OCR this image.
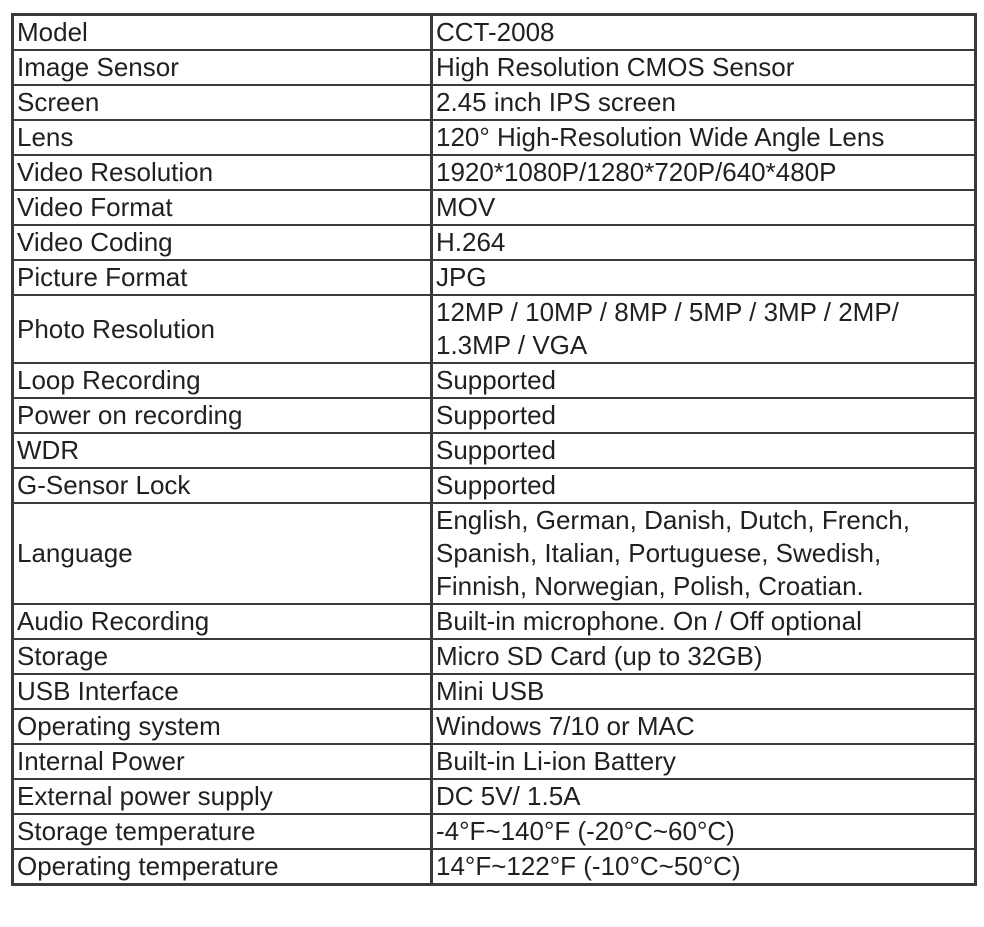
Model	CCT-2008
Image Sensor	High Resolution CMOS Sensor
Screen	2.45 inch IPS screen
Lens	120° High-Resolution Wide Angle Lens
Video Resolution	1920*1080P/1280*720P/640*480P
Video Format	MOV
Video Coding	H.264
Picture Format	JPG
Photo Resolution	12MP / 10MP / 8MP / 5MP / 3MP / 2MP/
1.3MP / VGA
Loop Recording	Supported
Power on recording	Supported
WDR	Supported
G-Sensor Lock	Supported
Language	English, German, Danish, Dutch, French,
Spanish, Italian, Portuguese, Swedish,
Finnish, Norwegian, Polish, Croatian.
Audio Recording	Built-in microphone. On / Off optional
Storage	Micro SD Card (up to 32GB)
USB Interface	Mini USB
Operating system	Windows 7/10 or MAC
Internal Power	Built-in Li-ion Battery
External power supply	DC 5V/ 1.5A
Storage temperature	-4°F~140°F (-20°C~60°C)
Operating temperature	14°F~122°F (-10°C~50°C)
